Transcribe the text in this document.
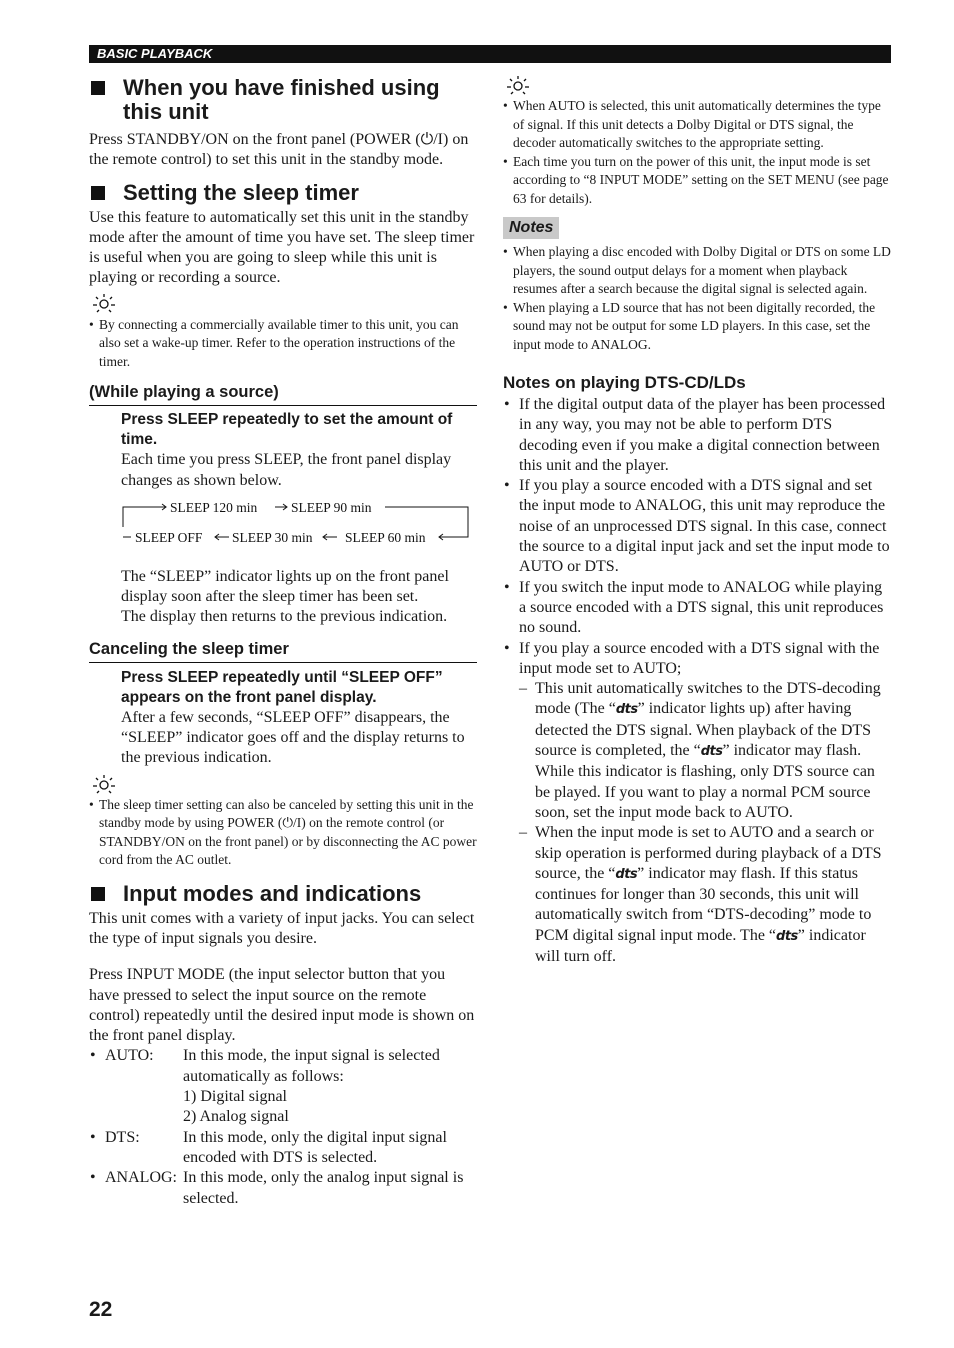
BASIC PLAYBACK
When you have finished using this unit

Press STANDBY/ON on the front panel (POWER (⏻/I) on the remote control) to set this unit in the standby mode.

Setting the sleep timer

Use this feature to automatically set this unit in the standby mode after the amount of time you have set. The sleep timer is useful when you are going to sleep while this unit is playing or recording a source.

• By connecting a commercially available timer to this unit, you can also set a wake-up timer. Refer to the operation instructions of the timer.
(While playing a source)
Press SLEEP repeatedly to set the amount of time.

Each time you press SLEEP, the front panel display changes as shown below.

SLEEP 120 min SLEEP 90 min
SLEEP OFF SLEEP 30 min SLEEP 60 min

The “SLEEP” indicator lights up on the front panel display soon after the sleep timer has been set.

The display then returns to the previous indication.

Canceling the sleep timer
Press SLEEP repeatedly until “SLEEP OFF” appears on the front panel display.

After a few seconds, “SLEEP OFF” disappears, the “SLEEP” indicator goes off and the display returns to the previous indication.

• The sleep timer setting can also be canceled by setting this unit in the standby mode by using POWER (⏻/I) on the remote control (or STANDBY/ON on the front panel) or by disconnecting the AC power cord from the AC outlet.
Input modes and indications

This unit comes with a variety of input jacks. You can select the type of input signals you desire.

Press INPUT MODE (the input selector button that you have pressed to select the input source on the remote control) repeatedly until the desired input mode is shown on the front panel display.

• AUTO:	In this mode, the input signal is selected automatically as follows:
1) Digital signal
2) Analog signal
• DTS:	In this mode, only the digital input signal encoded with DTS is selected.
• ANALOG: In this mode, only the analog input signal is selected.
• When AUTO is selected, this unit automatically determines the type of signal. If this unit detects a Dolby Digital or DTS signal, the decoder automatically switches to the appropriate setting.
• Each time you turn on the power of this unit, the input mode is set according to “8 INPUT MODE” setting on the SET MENU (see page 63 for details).
Notes
• When playing a disc encoded with Dolby Digital or DTS on some LD players, the sound output delays for a moment when playback resumes after a search because the digital signal is selected again.
• When playing a LD source that has not been digitally recorded, the sound may not be output for some LD players. In this case, set the input mode to ANALOG.
Notes on playing DTS-CD/LDs
• If the digital output data of the player has been processed in any way, you may not be able to perform DTS decoding even if you make a digital connection between this unit and the player.
• If you play a source encoded with a DTS signal and set the input mode to ANALOG, this unit may reproduce the noise of an unprocessed DTS signal. In this case, connect the source to a digital input jack and set the input mode to AUTO or DTS.
• If you switch the input mode to ANALOG while playing a source encoded with a DTS signal, this unit reproduces no sound.
• If you play a source encoded with a DTS signal with the input mode set to AUTO;
– This unit automatically switches to the DTS-decoding mode (The “dts” indicator lights up) after having detected the DTS signal. When playback of the DTS source is completed, the “dts” indicator may flash. While this indicator is flashing, only DTS source can be played. If you want to play a normal PCM source soon, set the input mode back to AUTO.
– When the input mode is set to AUTO and a search or skip operation is performed during playback of a DTS source, the “dts” indicator may flash. If this status continues for longer than 30 seconds, this unit will automatically switch from “DTS-decoding” mode to PCM digital signal input mode. The “dts” indicator will turn off.
22
